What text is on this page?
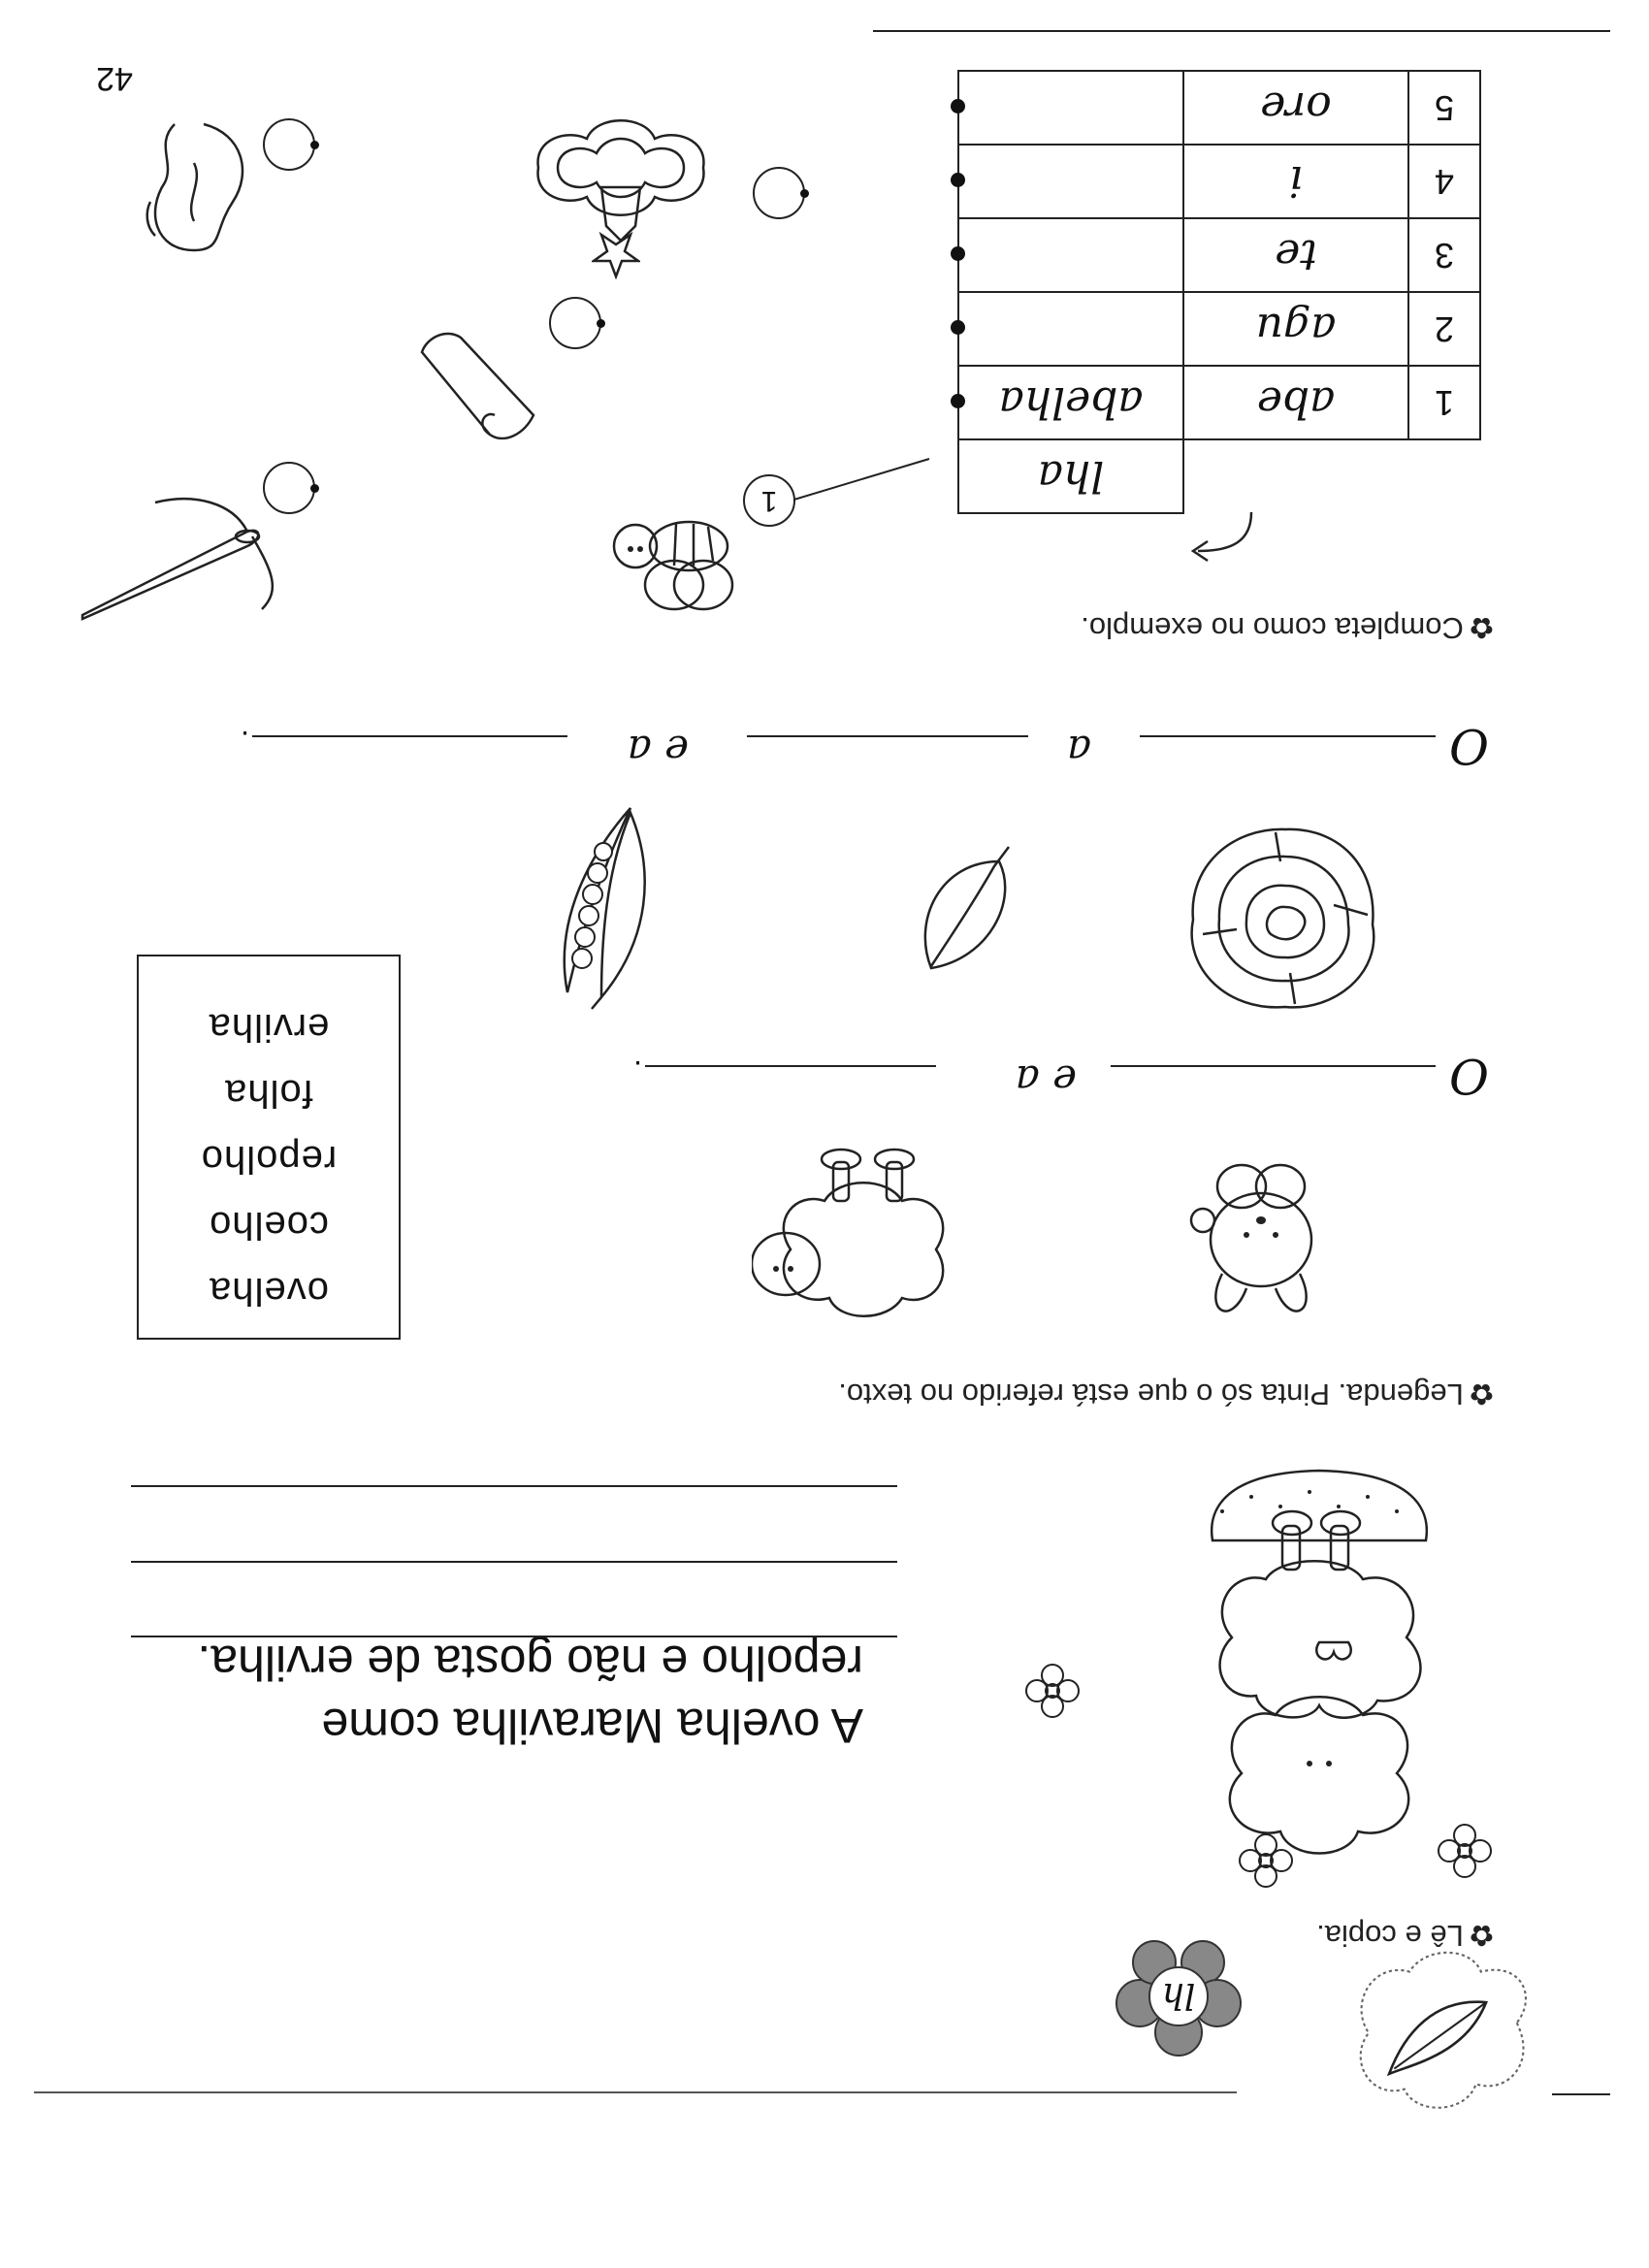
42
lh
✿Lê e copia.
A ovelha Maravilha come
repolho e não gosta de ervilha.
✿Legenda. Pinta só o que está referido no texto.
O
e a
.
O
a
e a
.
ovelha
coelho
repolho
folha
ervilha
✿Completa como no exemplo.
		lha
1	abe	abelha

2	agu	

3	te	

4	i	

5	ore	
1
